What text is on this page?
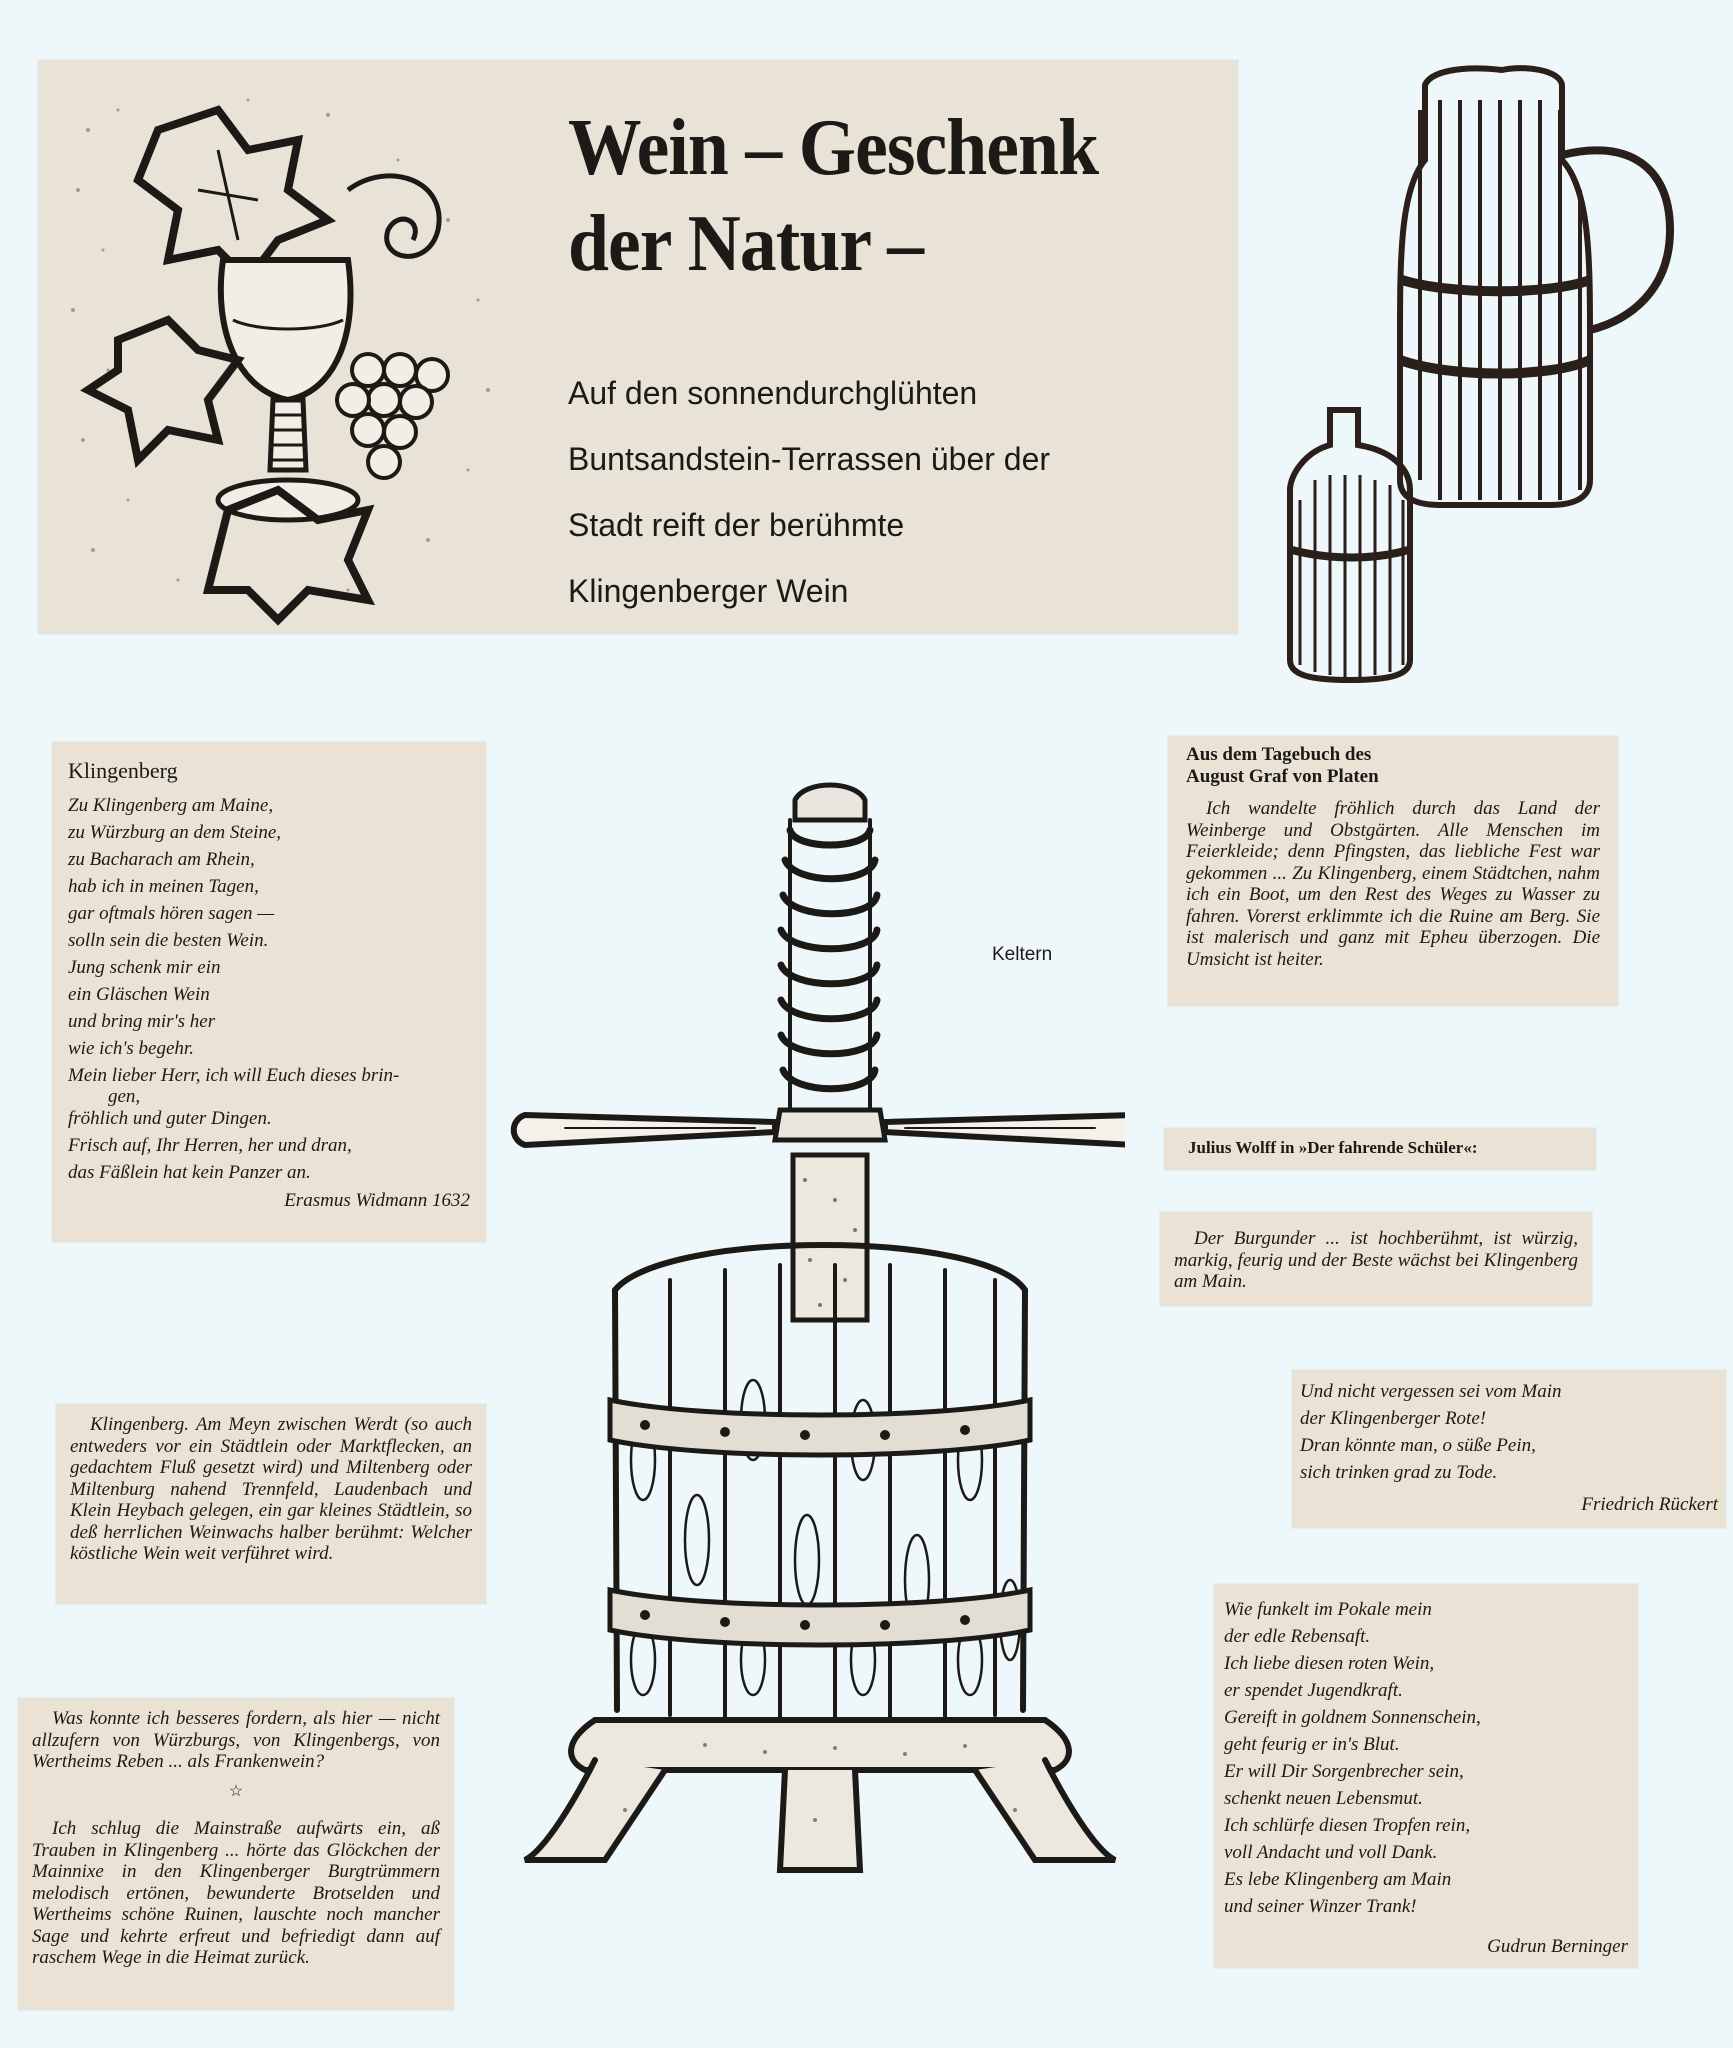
Wein – Geschenk
der Natur –
Auf den sonnendurchglühten
Buntsandstein-Terrassen über der
Stadt reift der berühmte
Klingenberger Wein
Klingenberg
Zu Klingenberg am Maine,
zu Würzburg an dem Steine,
zu Bacharach am Rhein,
hab ich in meinen Tagen,
gar oftmals hören sagen —
solln sein die besten Wein.
Jung schenk mir ein
ein Gläschen Wein
und bring mir's her
wie ich's begehr.
Mein lieber Herr, ich will Euch dieses brin-
gen,
fröhlich und guter Dingen.
Frisch auf, Ihr Herren, her und dran,
das Fäßlein hat kein Panzer an.
Erasmus Widmann 1632

Klingenberg. Am Meyn zwischen Werdt (so auch entweders vor ein Städtlein oder Marktflecken, an gedachtem Fluß gesetzt wird) und Miltenberg oder Miltenburg nahend Trennfeld, Laudenbach und Klein Heybach gelegen, ein gar kleines Städtlein, so deß herrlichen Weinwachs halber berühmt: Welcher köstliche Wein weit verführet wird.

Was konnte ich besseres fordern, als hier — nicht allzufern von Würzburgs, von Klingenbergs, von Wertheims Reben ... als Frankenwein?

☆

Ich schlug die Mainstraße aufwärts ein, aß Trauben in Klingenberg ... hörte das Glöckchen der Mainnixe in den Klingenberger Burgtrümmern melodisch ertönen, bewunderte Brotselden und Wertheims schöne Ruinen, lauschte noch mancher Sage und kehrte erfreut und befriedigt dann auf raschem Wege in die Heimat zurück.

Keltern
Aus dem Tagebuch des
August Graf von Platen

Ich wandelte fröhlich durch das Land der Weinberge und Obstgärten. Alle Menschen im Feierkleide; denn Pfingsten, das liebliche Fest war gekommen ... Zu Klingenberg, einem Städtchen, nahm ich ein Boot, um den Rest des Weges zu Wasser zu fahren. Vorerst erklimmte ich die Ruine am Berg. Sie ist malerisch und ganz mit Epheu überzogen. Die Umsicht ist heiter.

Julius Wolff in »Der fahrende Schüler«:

Der Burgunder ... ist hochberühmt, ist würzig, markig, feurig und der Beste wächst bei Klingenberg am Main.

Und nicht vergessen sei vom Main
der Klingenberger Rote!
Dran könnte man, o süße Pein,
sich trinken grad zu Tode.
Friedrich Rückert
Wie funkelt im Pokale mein
der edle Rebensaft.
Ich liebe diesen roten Wein,
er spendet Jugendkraft.
Gereift in goldnem Sonnenschein,
geht feurig er in's Blut.
Er will Dir Sorgenbrecher sein,
schenkt neuen Lebensmut.
Ich schlürfe diesen Tropfen rein,
voll Andacht und voll Dank.
Es lebe Klingenberg am Main
und seiner Winzer Trank!
Gudrun Berninger
